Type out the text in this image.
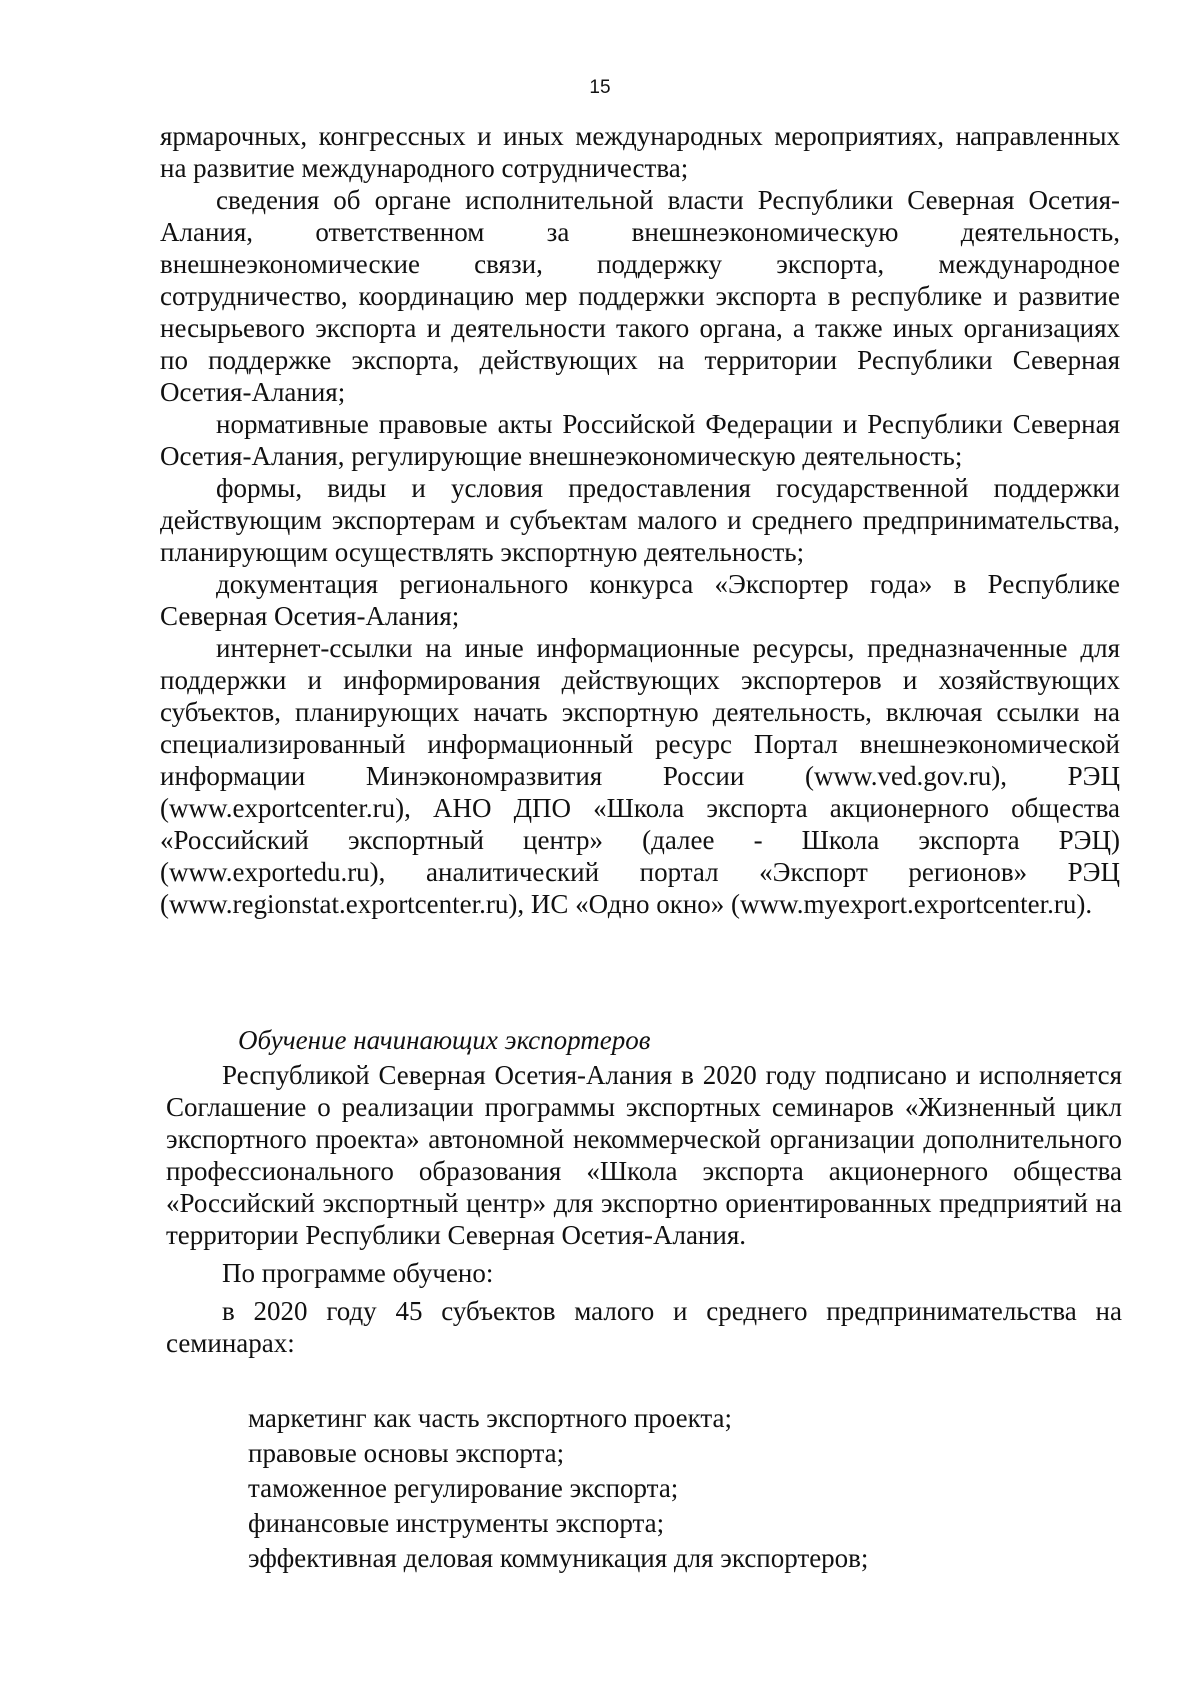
15

ярмарочных, конгрессных и иных международных мероприятиях, направленных на развитие международного сотрудничества;

сведения об органе исполнительной власти Республики Северная Осетия-Алания, ответственном за внешнеэкономическую деятельность, внешнеэкономические связи, поддержку экспорта, международное сотрудничество, координацию мер поддержки экспорта в республике и развитие несырьевого экспорта и деятельности такого органа, а также иных организациях по поддержке экспорта, действующих на территории Республики Северная Осетия-Алания;

нормативные правовые акты Российской Федерации и Республики Северная Осетия-Алания, регулирующие внешнеэкономическую деятельность;

формы, виды и условия предоставления государственной поддержки действующим экспортерам и субъектам малого и среднего предпринимательства, планирующим осуществлять экспортную деятельность;

документация регионального конкурса «Экспортер года» в Республике Северная Осетия-Алания;

интернет-ссылки на иные информационные ресурсы, предназначенные для поддержки и информирования действующих экспортеров и хозяйствующих субъектов, планирующих начать экспортную деятельность, включая ссылки на специализированный информационный ресурс Портал внешнеэкономической информации Минэкономразвития России (www.ved.gov.ru), РЭЦ (www.exportcenter.ru), АНО ДПО «Школа экспорта акционерного общества «Российский экспортный центр» (далее - Школа экспорта РЭЦ) (www.exportedu.ru), аналитический портал «Экспорт регионов» РЭЦ (www.regionstat.exportcenter.ru), ИС «Одно окно» (www.myexport.exportcenter.ru).

Обучение начинающих экспортеров

Республикой Северная Осетия-Алания в 2020 году подписано и исполняется Соглашение о реализации программы экспортных семинаров «Жизненный цикл экспортного проекта» автономной некоммерческой организации дополнительного профессионального образования «Школа экспорта акционерного общества «Российский экспортный центр» для экспортно ориентированных предприятий на территории Республики Северная Осетия-Алания.

По программе обучено:

в 2020 году 45 субъектов малого и среднего предпринимательства на семинарах:

маркетинг как часть экспортного проекта;

правовые основы экспорта;

таможенное регулирование экспорта;

финансовые инструменты экспорта;

эффективная деловая коммуникация для экспортеров;
